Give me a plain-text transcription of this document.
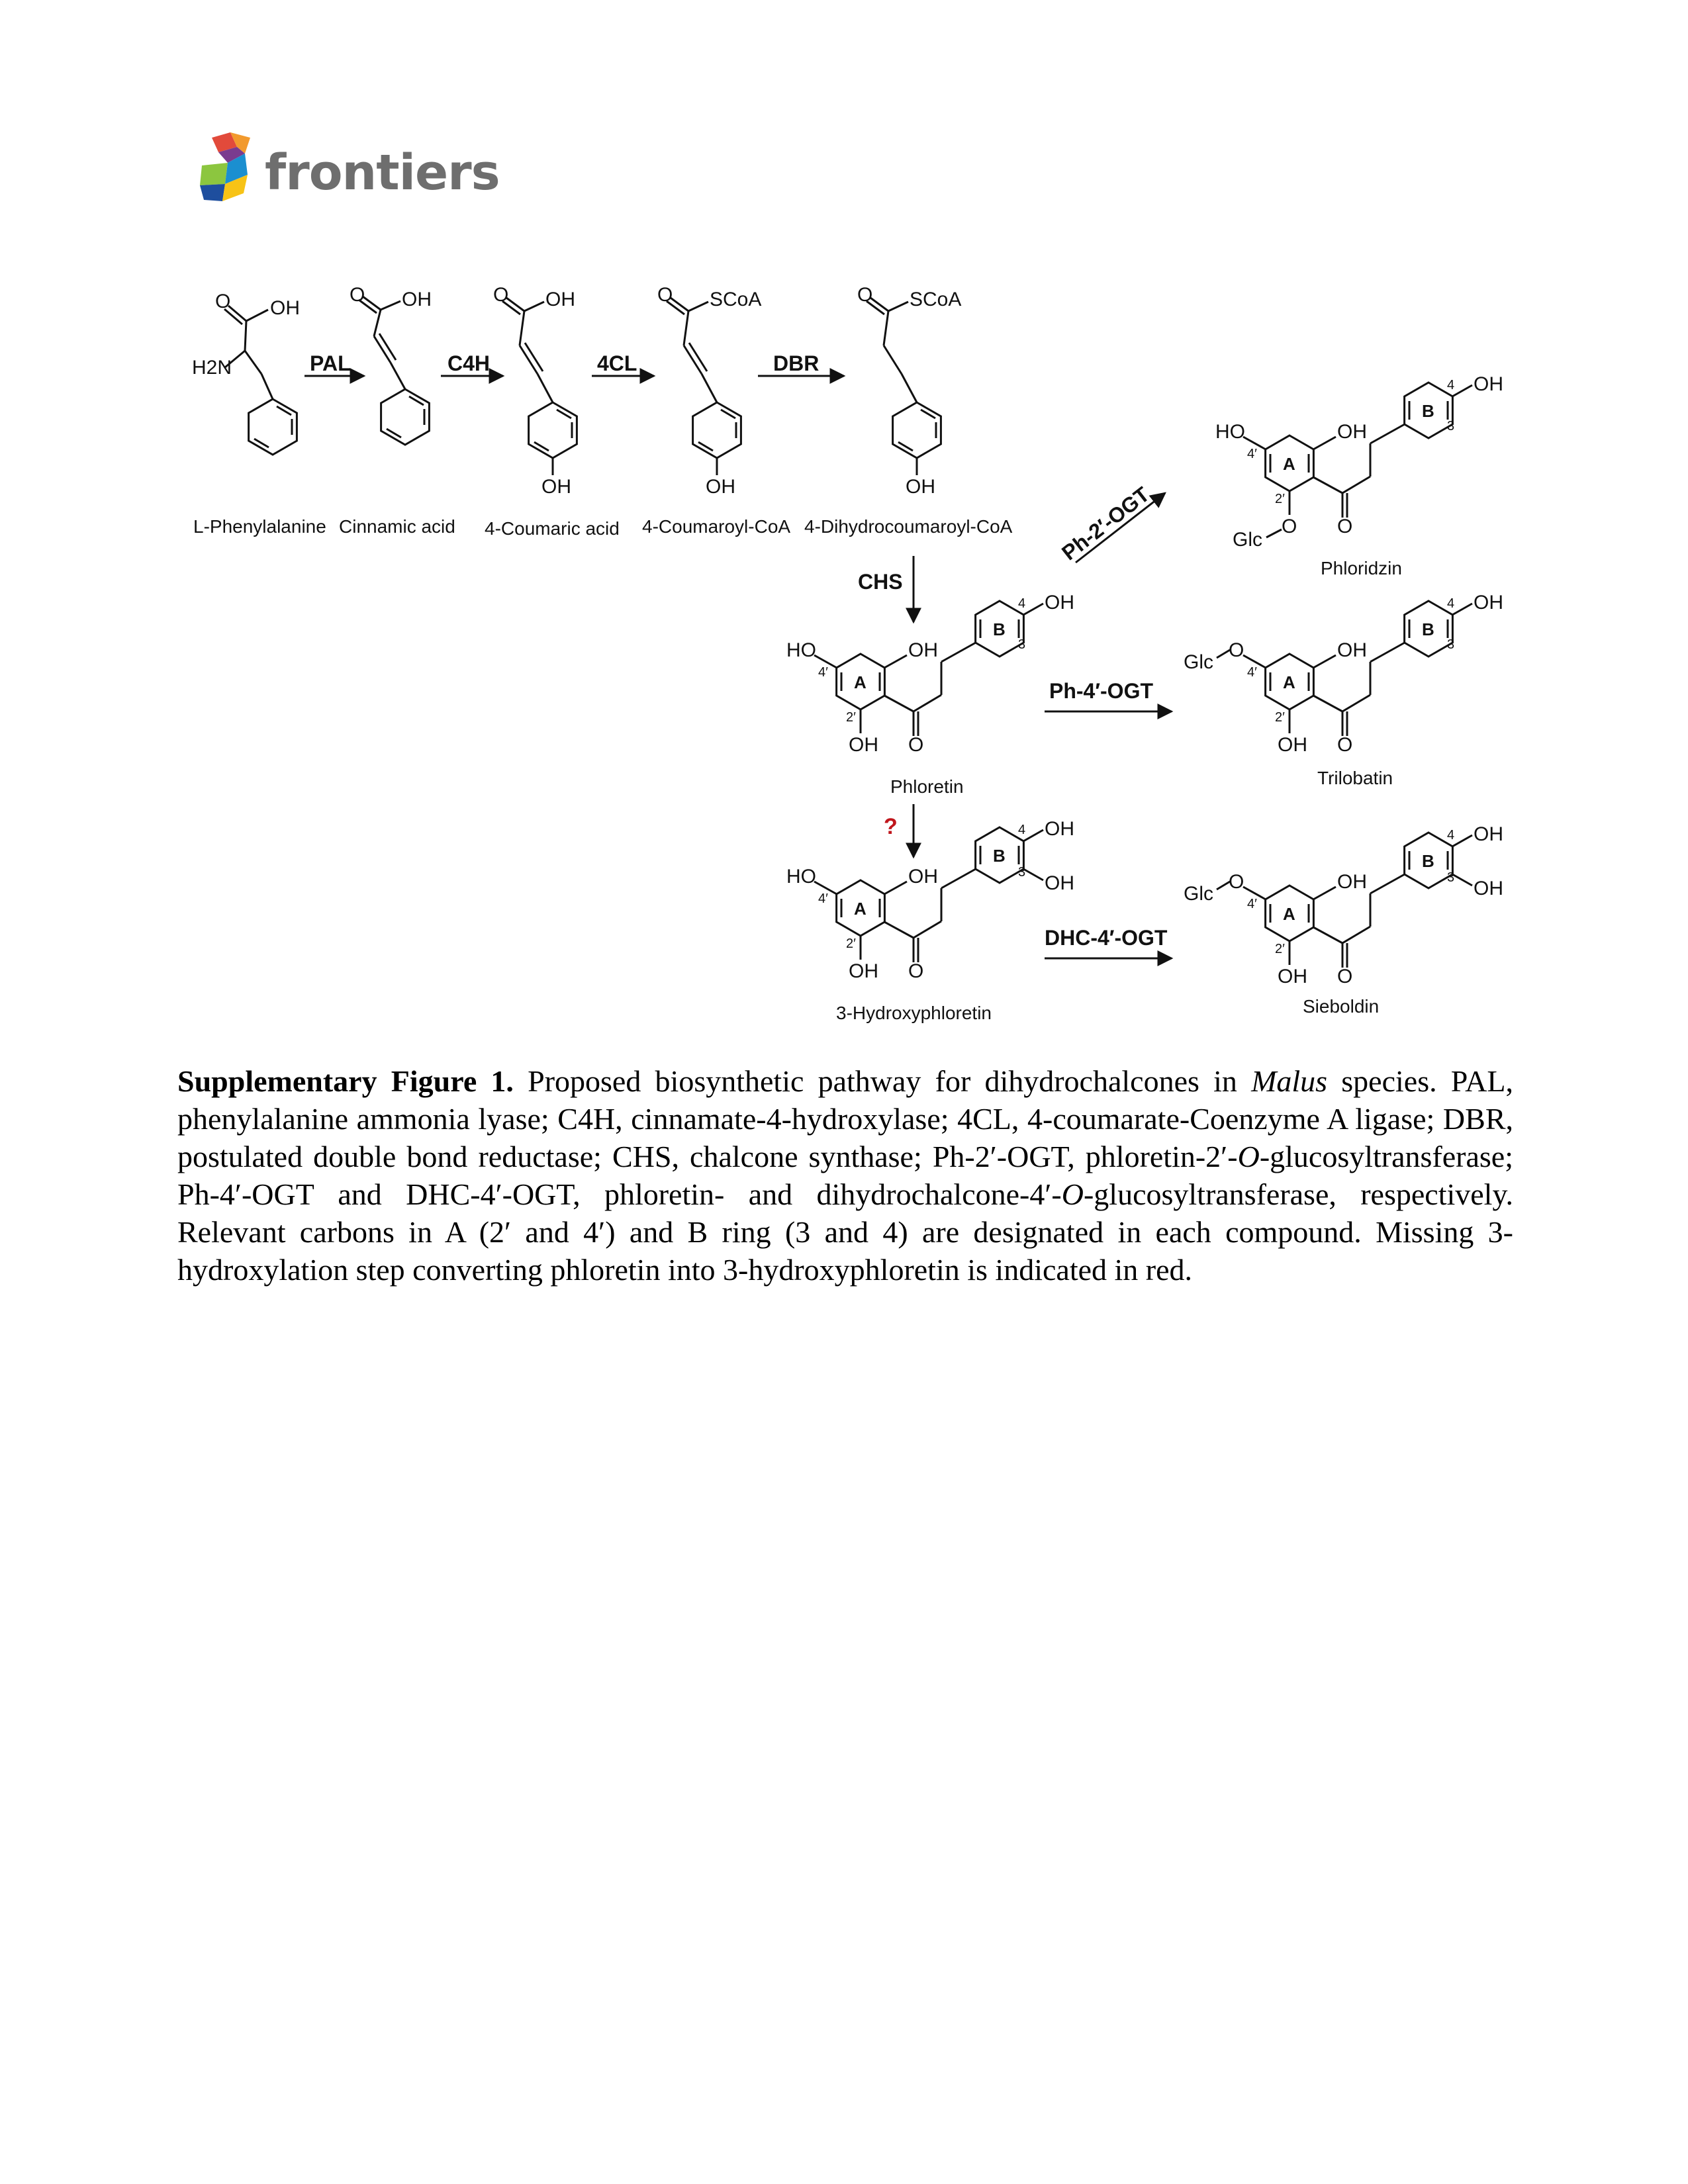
frontiers
O OH
H2N	PAL
O OH
C4H
OH
O OH
4CL
OH
O SCoA
DBR
OH
O SCoA
L-Phenylalanine Cinnamic acid 4-Coumaric acid 4-Coumaroyl-CoA 4-Dihydrocoumaroyl-CoA
CHS
Ph-2′-OGT
A
B
HO	OH
OH O
OH
4′
2′
3
4
Phloretin
Ph-4′-OGT
?
A
B
HO	OH
OH O
OH
OH
4′
2′
3
4
3-Hydroxyphloretin
DHC-4′-OGT
A
B
HO	OH
O
Glc
O
OH
4′
2′
3
4
Phloridzin
A
B
O
Glc
OH
OH O
OH
4′
2′
3
4
Trilobatin
A
B
O
Glc
OH
OH O
OH
OH
4′
2′
3
4
Sieboldin
Supplementary Figure 1. Proposed biosynthetic pathway for dihydrochalcones in Malus species. PAL, phenylalanine ammonia lyase; C4H, cinnamate-4-hydroxylase; 4CL, 4-coumarate-Coenzyme A ligase; DBR, postulated double bond reductase; CHS, chalcone synthase; Ph-2′-OGT, phloretin-2′-O-glucosyltransferase; Ph-4′-OGT and DHC-4′-OGT, phloretin- and dihydrochalcone-4′-O-glucosyltransferase, respectively. Relevant carbons in A (2′ and 4′) and B ring (3 and 4) are designated in each compound. Missing 3-hydroxylation step converting phloretin into 3-hydroxyphloretin is indicated in red.
